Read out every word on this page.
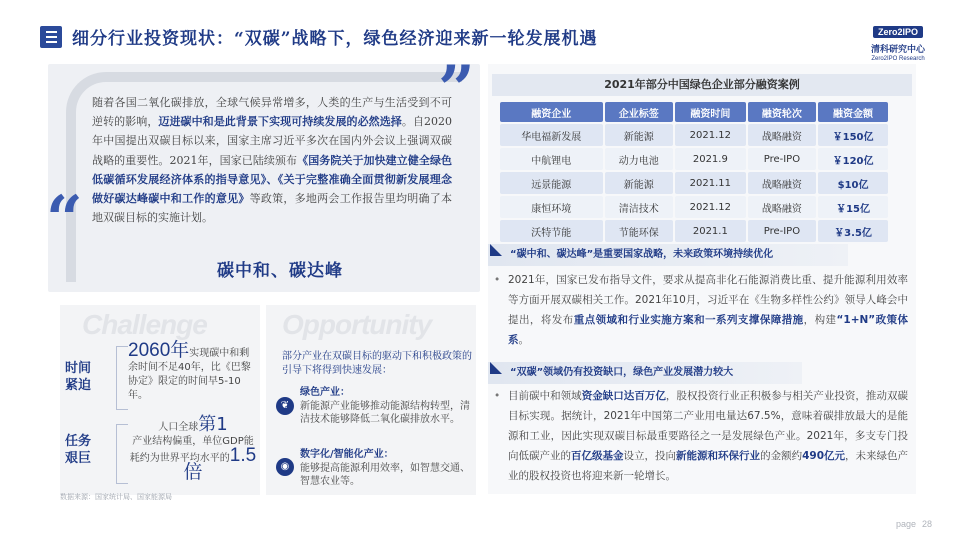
细分行业投资现状：“双碳”战略下，绿色经济迎来新一轮发展机遇	Zero2IPO
清科研究中心
Zero2IPO Research
”
“
随着各国二氧化碳排放，全球气候异常增多，人类的生产与生活受到不可逆转的影响，迈进碳中和是此背景下实现可持续发展的必然选择。自2020年中国提出双碳目标以来，国家主席习近平多次在国内外会议上强调双碳战略的重要性。2021年，国家已陆续颁布《国务院关于加快建立健全绿色低碳循环发展经济体系的指导意见》、《关于完整准确全面贯彻新发展理念做好碳达峰碳中和工作的意见》等政策，多地两会工作报告里均明确了本地双碳目标的实施计划。
碳中和、碳达峰
Challenge
时间紧迫
2060年实现碳中和剩余时间不足40年，比《巴黎协定》限定的时间早5-10年。
任务艰巨
人口全球第1
产业结构偏重，单位GDP能耗约为世界平均水平的1.5倍
Opportunity
部分产业在双碳目标的驱动下和积极政策的引导下将得到快速发展：
❦
绿色产业：
新能源产业能够推动能源结构转型，清洁技术能够降低二氧化碳排放水平。
◉
数字化/智能化产业：
能够提高能源利用效率，如智慧交通、智慧农业等。
数据来源：国家统计局、国家能源局
2021年部分中国绿色企业部分融资案例
融资企业	企业标签	融资时间	融资轮次	融资金额
华电福新发展	新能源	2021.12	战略融资	￥150亿
中航锂电	动力电池	2021.9	Pre-IPO	￥120亿
远景能源	新能源	2021.11	战略融资	$10亿
康恒环境	清洁技术	2021.12	战略融资	￥15亿
沃特节能	节能环保	2021.1	Pre-IPO	￥3.5亿
“碳中和、碳达峰”是重要国家战略，未来政策环境持续优化
• 2021年，国家已发布指导文件，要求从提高非化石能源消费比重、提升能源利用效率等方面开展双碳相关工作。2021年10月，习近平在《生物多样性公约》领导人峰会中提出，将发布重点领域和行业实施方案和一系列支撑保障措施，构建“1+N”政策体系。
“双碳”领域仍有投资缺口，绿色产业发展潜力较大
• 目前碳中和领域资金缺口达百万亿，股权投资行业正积极参与相关产业投资，推动双碳目标实现。据统计，2021年中国第二产业用电量达67.5%，意味着碳排放最大的是能源和工业，因此实现双碳目标最重要路径之一是发展绿色产业。2021年，多支专门投向低碳产业的百亿级基金设立，投向新能源和环保行业的金额约490亿元，未来绿色产业的股权投资也将迎来新一轮增长。
page 28
